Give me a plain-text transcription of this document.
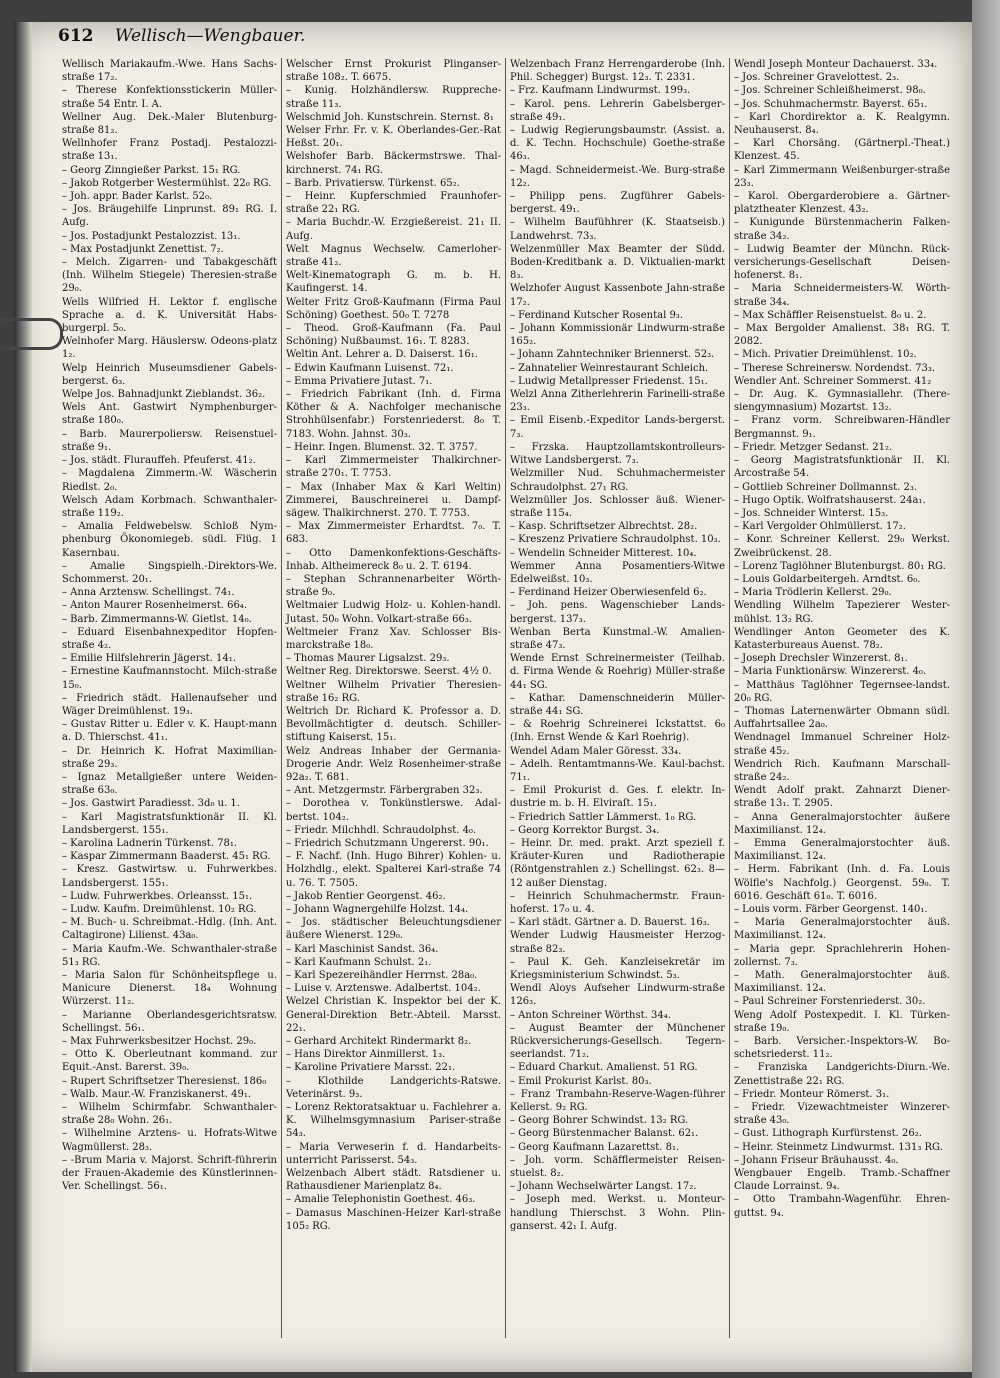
612 Wellisch—Wengbauer.
Wellisch Mariakaufm.-Wwe. Hans Sachs-straße 17₂.
– Therese Konfektionsstickerin Müller-straße 54 Entr. I. A.
Wellner Aug. Dek.-Maler Blutenburg-straße 81₂.
Wellnhofer Franz Postadj. Pestalozzi-straße 13₁.
– Georg Zinngießer Parkst. 15₁ RG.
– Jakob Rotgerber Westermühlst. 22₀ RG.
– Joh. appr. Bader Karlst. 52₀.
– Jos. Bräugehilfe Linprunst. 89₁ RG. I. Aufg.
– Jos. Postadjunkt Pestalozzist. 13₁.
– Max Postadjunkt Zenettist. 7₂.
– Melch. Zigarren- und Tabakgeschäft (Inh. Wilhelm Stiegele) Theresien-straße 29₀.
Wells Wilfried H. Lektor f. englische Sprache a. d. K. Universität Habs-burgerpl. 5₀.
Welnhofer Marg. Häuslersw. Odeons-platz 1₂.
Welp Heinrich Museumsdiener Gabels-bergerst. 6₃.
Welpe Jos. Bahnadjunkt Zieblandst. 36₂.
Wels Ant. Gastwirt Nymphenburger-straße 180₀.
– Barb. Maurerpoliersw. Reisenstuel-straße 9₁.
– Jos. städt. Flurauffeh. Pfeuferst. 41₂.
– Magdalena Zimmerm.-W. Wäscherin Riedlst. 2₀.
Welsch Adam Korbmach. Schwanthaler-straße 119₂.
– Amalia Feldwebelsw. Schloß Nym-phenburg Ökonomiegeb. südl. Flüg. 1 Kasernbau.
– Amalie Singspielh.-Direktors-We. Schommerst. 20₁.
– Anna Arztensw. Schellingst. 74₁.
– Anton Maurer Rosenheimerst. 66₄.
– Barb. Zimmermanns-W. Gietlst. 14₀.
– Eduard Eisenbahnexpeditor Hopfen-straße 4₂.
– Emilie Hilfslehrerin Jägerst. 14₁.
– Ernestine Kaufmannstocht. Milch-straße 15₀.
– Friedrich städt. Hallenaufseher und Wäger Dreimühlenst. 19₃.
– Gustav Ritter u. Edler v. K. Haupt-mann a. D. Thierschst. 41₁.
– Dr. Heinrich K. Hofrat Maximilian-straße 29₃.
– Ignaz Metallgießer untere Weiden-straße 63₀.
– Jos. Gastwirt Paradiesst. 3d₀ u. 1.
– Karl Magistratsfunktionär II. Kl. Landsbergerst. 155₁.
– Karolina Ladnerin Türkenst. 78₁.
– Kaspar Zimmermann Baaderst. 45₁ RG.
– Kresz. Gastwirtsw. u. Fuhrwerkbes. Landsbergerst. 155₁.
– Ludw. Fuhrwerkbes. Orleansst. 15₁.
– Ludw. Kaufm. Dreimühlenst. 10₂ RG.
– M. Buch- u. Schreibmat.-Hdlg. (Inh. Ant. Caltagirone) Lilienst. 43a₀.
– Maria Kaufm.-We. Schwanthaler-straße 51₃ RG.
– Maria Salon für Schönheitspflege u. Manicure Dienerst. 18₄ Wohnung Würzerst. 11₂.
– Marianne Oberlandesgerichtsratsw. Schellingst. 56₁.
– Max Fuhrwerksbesitzer Hochst. 29₀.
– Otto K. Oberleutnant kommand. zur Equit.-Anst. Barerst. 39₀.
– Rupert Schriftsetzer Theresienst. 186₀
– Walb. Maur.-W. Franziskanerst. 49₁.
– Wilhelm Schirmfabr. Schwanthaler-straße 28₀ Wohn. 26₁.
– Wilhelmine Arztens- u. Hofrats-Witwe Wagmüllerst. 28₃.
– -Brum Maria v. Majorst. Schrift-führerin der Frauen-Akademie des Künstlerinnen-Ver. Schellingst. 56₁.
Welscher Ernst Prokurist Plinganser-straße 108₂. T. 6675.
– Kunig. Holzhändlersw. Ruppreche-straße 11₃.
Welschmid Joh. Kunstschrein. Sternst. 8₁
Welser Frhr. Fr. v. K. Oberlandes-Ger.-Rat Heßst. 20₁.
Welshofer Barb. Bäckermstrswe. Thal-kirchnerst. 74₁ RG.
– Barb. Privatiersw. Türkenst. 65₂.
– Heinr. Kupferschmied Fraunhofer-straße 22₁ RG.
– Maria Buchdr.-W. Erzgießereist. 21₁ II. Aufg.
Welt Magnus Wechselw. Camerloher-straße 41₂.
Welt-Kinematograph G. m. b. H. Kaufingerst. 14.
Welter Fritz Groß-Kaufmann (Firma Paul Schöning) Goethest. 50₀ T. 7278
– Theod. Groß-Kaufmann (Fa. Paul Schöning) Nußbaumst. 16₁. T. 8283.
Weltin Ant. Lehrer a. D. Daiserst. 16₁.
– Edwin Kaufmann Luisenst. 72₁.
– Emma Privatiere Jutast. 7₁.
– Friedrich Fabrikant (Inh. d. Firma Köther & A. Nachfolger mechanische Strohhülsenfabr.) Forstenriederst. 8₀ T. 7183. Wohn. Jahnst. 30₃.
– Heinr. Ingen. Blumenst. 32. T. 3757.
– Karl Zimmermeister Thalkirchner-straße 270₁. T. 7753.
– Max (Inhaber Max & Karl Weltin) Zimmerei, Bauschreinerei u. Dampf-sägew. Thalkirchnerst. 270. T. 7753.
– Max Zimmermeister Erhardtst. 7₀. T. 683.
– Otto Damenkonfektions-Geschäfts-Inhab. Altheimereck 8₀ u. 2. T. 6194.
– Stephan Schrannenarbeiter Wörth-straße 9₀.
Weltmaier Ludwig Holz- u. Kohlen-handl. Jutast. 50₀ Wohn. Volkart-straße 66₃.
Weltmeier Franz Xav. Schlosser Bis-marckstraße 18₀.
– Thomas Maurer Ligsalzst. 29₃.
Weltner Reg. Direktorswe. Seerst. 4½ 0.
Weltner Wilhelm Privatier Theresien-straße 16₂ RG.
Weltrich Dr. Richard K. Professor a. D. Bevollmächtigter d. deutsch. Schiller-stiftung Kaiserst. 15₁.
Welz Andreas Inhaber der Germania-Drogerie Andr. Welz Rosenheimer-straße 92a₂. T. 681.
– Ant. Metzgermstr. Färbergraben 32₃.
– Dorothea v. Tonkünstlerswe. Adal-bertst. 104₂.
– Friedr. Milchhdl. Schraudolphst. 4₀.
– Friedrich Schutzmann Ungererst. 90₁.
– F. Nachf. (Inh. Hugo Bihrer) Kohlen- u. Holzhdlg., elekt. Spalterei Karl-straße 74 u. 76. T. 7505.
– Jakob Rentier Georgenst. 46₂.
– Johann Wagnergehilfe Holzst. 14₄.
– Jos. städtischer Beleuchtungsdiener äußere Wienerst. 129₀.
– Karl Maschinist Sandst. 36₄.
– Karl Kaufmann Schulst. 2₁.
– Karl Spezereihändler Herrnst. 28a₀.
– Luise v. Arztenswe. Adalbertst. 104₂.
Welzel Christian K. Inspektor bei der K. General-Direktion Betr.-Abteil. Marsst. 22₁.
– Gerhard Architekt Rindermarkt 8₂.
– Hans Direktor Ainmillerst. 1₃.
– Karoline Privatiere Marsst. 22₁.
– Klothilde Landgerichts-Ratswe. Veterinärst. 9₃.
– Lorenz Rektoratsaktuar u. Fachlehrer a. K. Wilhelmsgymnasium Pariser-straße 54₃.
– Maria Verweserin f. d. Handarbeits-unterricht Parisserst. 54₃.
Welzenbach Albert städt. Ratsdiener u. Rathausdiener Marienplatz 8₄.
– Amalie Telephonistin Goethest. 46₃.
– Damasus Maschinen-Heizer Karl-straße 105₂ RG.
Welzenbach Franz Herrengarderobe (Inh. Phil. Schegger) Burgst. 12₃. T. 2331.
– Frz. Kaufmann Lindwurmst. 199₃.
– Karol. pens. Lehrerin Gabelsberger-straße 49₁.
– Ludwig Regierungsbaumstr. (Assist. a. d. K. Techn. Hochschule) Goethe-straße 46₃.
– Magd. Schneidermeist.-We. Burg-straße 12₂.
– Philipp pens. Zugführer Gabels-bergerst. 49₁.
– Wilhelm Baufühhrer (K. Staatseisb.) Landwehrst. 73₃.
Welzenmüller Max Beamter der Südd. Boden-Kreditbank a. D. Viktualien-markt 8₃.
Welzhofer August Kassenbote Jahn-straße 17₂.
– Ferdinand Kutscher Rosental 9₃.
– Johann Kommissionär Lindwurm-straße 165₂.
– Johann Zahntechniker Briennerst. 52₃.
– Zahnatelier Weinrestaurant Schleich.
– Ludwig Metallpresser Friedenst. 15₁.
Welzl Anna Zitherlehrerin Farinelli-straße 23₃.
– Emil Eisenb.-Expeditor Lands-bergerst. 7₃.
– Frzska. Hauptzollamtskontrolleurs-Witwe Landsbergerst. 7₃.
Welzmiller Nud. Schuhmachermeister Schraudolphst. 27₁ RG.
Welzmüller Jos. Schlosser äuß. Wiener-straße 115₄.
– Kasp. Schriftsetzer Albrechtst. 28₂.
– Kreszenz Privatiere Schraudolphst. 10₃.
– Wendelin Schneider Mitterest. 10₄.
Wemmer Anna Posamentiers-Witwe Edelweißst. 10₃.
– Ferdinand Heizer Oberwiesenfeld 6₂.
– Joh. pens. Wagenschieber Lands-bergerst. 137₃.
Wenban Berta Kunstmal.-W. Amalien-straße 47₃.
Wende Ernst Schreinermeister (Teilhab. d. Firma Wende & Roehrig) Müller-straße 44₁ SG.
– Kathar. Damenschneiderin Müller-straße 44₁ SG.
– & Roehrig Schreinerei Ickstattst. 6₀ (Inh. Ernst Wende & Karl Roehrig).
Wendel Adam Maler Göresst. 33₄.
– Adelh. Rentamtmanns-We. Kaul-bachst. 71₁.
– Emil Prokurist d. Ges. f. elektr. In-dustrie m. b. H. Elviraſt. 15₁.
– Friedrich Sattler Lämmerst. 1₀ RG.
– Georg Korrektor Burgst. 3₄.
– Heinr. Dr. med. prakt. Arzt speziell f. Kräuter-Kuren und Radiotherapie (Röntgenstrahlen z.) Schellingst. 62₃. 8—12 außer Dienstag.
– Heinrich Schuhmachermstr. Fraun-hoferst. 17₀ u. 4.
– Karl städt. Gärtner a. D. Bauerst. 16₃.
Wender Ludwig Hausmeister Herzog-straße 82₃.
– Paul K. Geh. Kanzleisekretär im Kriegsministerium Schwindst. 5₃.
Wendl Aloys Aufseher Lindwurm-straße 126₃.
– Anton Schreiner Wörthst. 34₄.
– August Beamter der Münchener Rückversicherungs-Gesellsch. Tegern-seerlandst. 71₂.
– Eduard Charkut. Amalienst. 51 RG.
– Emil Prokurist Karlst. 80₃.
– Franz Trambahn-Reserve-Wagen-führer Kellerst. 9₂ RG.
– Georg Bohrer Schwindst. 13₂ RG.
– Georg Bürstenmacher Balanst. 62₁.
– Georg Kaufmann Lazarettst. 8₁.
– Joh. vorm. Schäfflermeister Reisen-stuelst. 8₂.
– Johann Wechselwärter Langst. 17₂.
– Joseph med. Werkst. u. Monteur-handlung Thierschst. 3 Wohn. Plin-ganserst. 42₁ I. Aufg.
Wendl Joseph Monteur Dachauerst. 33₄.
– Jos. Schreiner Gravelottest. 2₃.
– Jos. Schreiner Schleißheimerst. 98₀.
– Jos. Schuhmachermstr. Bayerst. 65₁.
– Karl Chordirektor a. K. Realgymn. Neuhauserst. 8₄.
– Karl Chorsäng. (Gärtnerpl.-Theat.) Klenzest. 45.
– Karl Zimmermann Weißenburger-straße 23₃.
– Karol. Obergarderobiere a. Gärtner-platztheater Klenzest. 43₂.
– Kunigunde Bürstenmacherin Falken-straße 34₂.
– Ludwig Beamter der Münchn. Rück-versicherungs-Gesellschaft Deisen-hofenerst. 8₁.
– Maria Schneidermeisters-W. Wörth-straße 34₄.
– Max Schäffler Reisenstuelst. 8₀ u. 2.
– Max Bergolder Amalienst. 38₁ RG. T. 2082.
– Mich. Privatier Dreimühlenst. 10₂.
– Therese Schreinersw. Nordendst. 73₃.
Wendler Ant. Schreiner Sommerst. 41₂
– Dr. Aug. K. Gymnasiallehr. (There-siengymnasium) Mozartst. 13₂.
– Franz vorm. Schreibwaren-Händler Bergmannst. 9₁.
– Friedr. Metzger Sedanst. 21₂.
– Georg Magistratsfunktionär II. Kl. Arcostraße 54.
– Gottlieb Schreiner Dollmannst. 2₃.
– Hugo Optik. Wolfratshauserst. 24a₁.
– Jos. Schneider Winterst. 15₃.
– Karl Vergolder Ohlmüllerst. 17₂.
– Konr. Schreiner Kellerst. 29₀ Werkst. Zweibrückenst. 28.
– Lorenz Taglöhner Blutenburgst. 80₁ RG.
– Louis Goldarbeitergeh. Arndtst. 6₀.
– Maria Trödlerin Kellerst. 29₀.
Wendling Wilhelm Tapezierer Wester-mühlst. 13₂ RG.
Wendlinger Anton Geometer des K. Katasterbureaus Auenst. 78₂.
– Joseph Drechsler Winzererst. 8₁.
– Maria Funktionärsw. Winzererst. 4₀.
– Matthäus Taglöhner Tegernsee-landst. 20₀ RG.
– Thomas Laternenwärter Obmann südl. Auffahrtsallee 2a₀.
Wendnagel Immanuel Schreiner Holz-straße 45₂.
Wendrich Rich. Kaufmann Marschall-straße 24₂.
Wendt Adolf prakt. Zahnarzt Diener-straße 13₁. T. 2905.
– Anna Generalmajorstochter äußere Maximilianst. 12₄.
– Emma Generalmajorstochter äuß. Maximilianst. 12₄.
– Herm. Fabrikant (Inh. d. Fa. Louis Wölfle's Nachfolg.) Georgenst. 59₀. T. 6016. Geschäft 61₀. T. 6016.
– Louis vorm. Färber Georgenst. 140₁.
– Maria Generalmajorstochter äuß. Maximilianst. 12₄.
– Maria gepr. Sprachlehrerin Hohen-zollernst. 7₃.
– Math. Generalmajorstochter äuß. Maximilianst. 12₄.
– Paul Schreiner Forstenriederst. 30₂.
Weng Adolf Postexpedit. I. Kl. Türken-straße 19₀.
– Barb. Versicher.-Inspektors-W. Bo-schetsriederst. 11₂.
– Franziska Landgerichts-Diurn.-We. Zenettistraße 22₁ RG.
– Friedr. Monteur Römerst. 3₁.
– Friedr. Vizewachtmeister Winzerer-straße 43₀.
– Gust. Lithograph Kurfürstenst. 26₂.
– Heinr. Steinmetz Lindwurmst. 131₃ RG.
– Johann Friseur Bräuhausst. 4₀.
Wengbauer Engelb. Tramb.-Schaffner Claude Lorrainst. 9₄.
– Otto Trambahn-Wagenführ. Ehren-guttst. 9₄.
